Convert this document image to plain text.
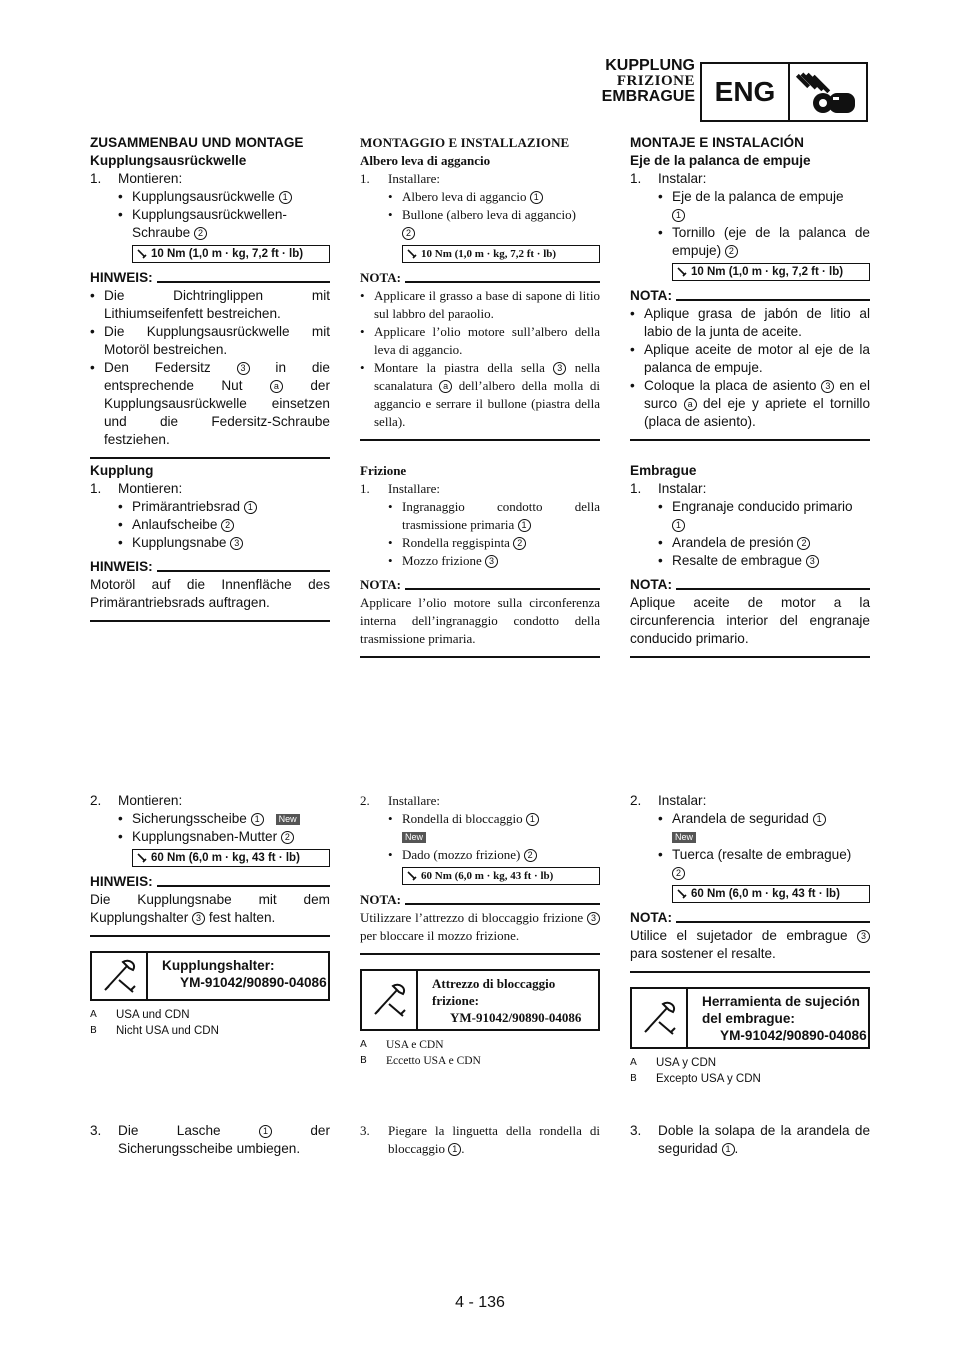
KUPPLUNG
FRIZIONE
EMBRAGUE ENG
ZUSAMMENBAU UND MONTAGE
Kupplungsausrückwelle
1.	Montieren:
• Kupplungsausrückwelle 1
• Kupplungsausrückwellen-Schraube 2
10 Nm (1,0 m · kg, 7,2 ft · lb)
HINWEIS:
• Die Dichtringlippen mit Lithiumseifenfett bestreichen.
• Die Kupplungsausrückwelle mit Motoröl bestreichen.
• Den Federsitz	3 in die entsprechende Nut	a der Kupplungsausrückwelle einsetzen und die Federsitz-Schraube festziehen.
Kupplung
1.	Montieren:
• Primärantriebsrad 1
• Anlaufscheibe 2
• Kupplungsnabe 3
HINWEIS:
Motoröl auf die Innenfläche des Primärantriebsrads auftragen.
2.	Montieren:
• Sicherungsscheibe 1 New
• Kupplungsnaben-Mutter 2
60 Nm (6,0 m · kg, 43 ft · lb)
HINWEIS:
Die Kupplungsnabe mit dem Kupplungshalter 3 fest halten.
Kupplungshalter:
YM-91042/90890-04086
A	USA und CDN
B	Nicht USA und CDN
3.	Die Lasche	1	der Sicherungsscheibe umbiegen.
MONTAGGIO E INSTALLAZIONE
Albero leva di aggancio
1.	Installare:
• Albero leva di aggancio 1
• Bullone (albero leva di aggancio)
2
10 Nm (1,0 m · kg, 7,2 ft · lb)
NOTA:
• Applicare il grasso a base di sapone di litio sul labbro del paraolio.
• Applicare l’olio motore sull’albero della leva di aggancio.
• Montare la piastra della sella 3 nella scanalatura a dell’albero della molla di aggancio e serrare il bullone (piastra della sella).
Frizione
1.	Installare:
• Ingranaggio condotto della trasmissione primaria 1
• Rondella reggispinta 2
• Mozzo frizione 3
NOTA:
Applicare l’olio motore sulla circonferenza interna dell’ingranaggio condotto della trasmissione primaria.
2.	Installare:
• Rondella di bloccaggio 1
New
• Dado (mozzo frizione) 2
60 Nm (6,0 m · kg, 43 ft · lb)
NOTA:
Utilizzare l’attrezzo di bloccaggio frizione 3 per bloccare il mozzo frizione.
Attrezzo di bloccaggio frizione:
YM-91042/90890-04086
A	USA e CDN
B	Eccetto USA e CDN
3.	Piegare la linguetta della rondella di bloccaggio 1 .
MONTAJE E INSTALACIÓN
Eje de la palanca de empuje
1.	Instalar:
• Eje de la palanca de empuje
1
• Tornillo (eje de la palanca de empuje) 2
10 Nm (1,0 m · kg, 7,2 ft · lb)
NOTA:
• Aplique grasa de jabón de litio al labio de la junta de aceite.
• Aplique aceite de motor al eje de la palanca de empuje.
• Coloque la placa de asiento 3 en el surco a del eje y apriete el tornillo (placa de asiento).
Embrague
1.	Instalar:
• Engranaje conducido primario
1
• Arandela de presión 2
• Resalte de embrague 3
NOTA:
Aplique aceite de motor a la circunferencia interior del engranaje conducido primario.
2.	Instalar:
• Arandela de seguridad 1
New
• Tuerca (resalte de embrague)
2
60 Nm (6,0 m · kg, 43 ft · lb)
NOTA:
Utilice el sujetador de embrague 3 para sostener el resalte.
Herramienta de sujeción del embrague:
YM-91042/90890-04086
A	USA y CDN
B	Excepto USA y CDN
3.	Doble la solapa de la arandela de seguridad 1 .
4 - 136
